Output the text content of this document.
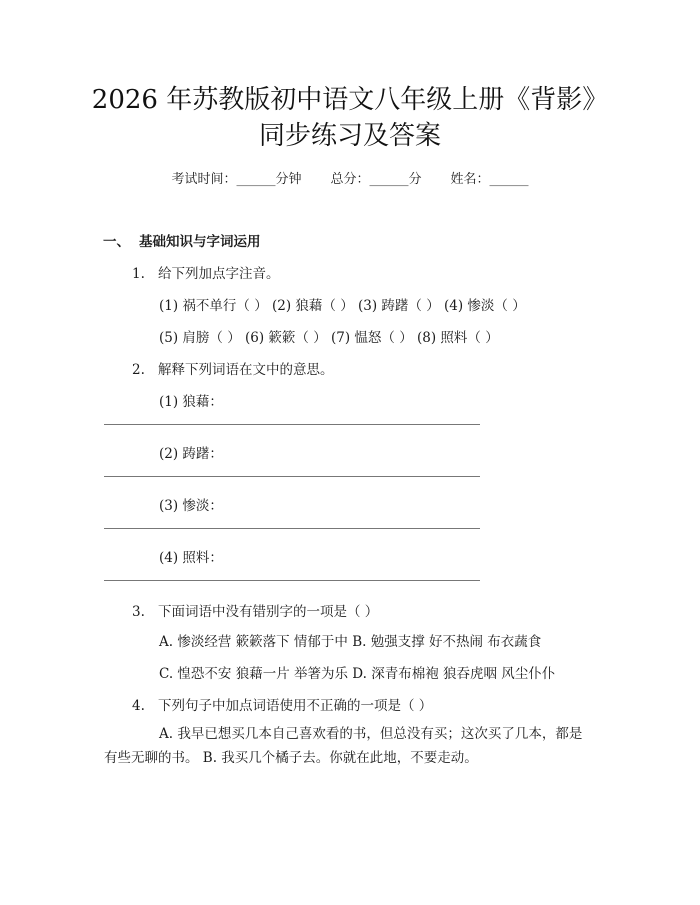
2026 年苏教版初中语文八年级上册《背影》
同步练习及答案
考试时间：______分钟 总分：______分 姓名：______
一、 基础知识与字词运用
1. 给下列加点字注音。
(1) 祸不单行（ ） (2) 狼藉（ ） (3) 踌躇（ ） (4) 惨淡（ ）
(5) 肩膀（ ） (6) 簌簌（ ） (7) 愠怒（ ） (8) 照料（ ）
2. 解释下列词语在文中的意思。
(1) 狼藉：
(2) 踌躇：
(3) 惨淡：
(4) 照料：
3. 下面词语中没有错别字的一项是（ ）
A. 惨淡经营 簌簌落下 情郁于中 B. 勉强支撑 好不热闹 布衣蔬食
C. 惶恐不安 狼藉一片 举箸为乐 D. 深青布棉袍 狼吞虎咽 风尘仆仆
4. 下列句子中加点词语使用不正确的一项是（ ）
A. 我早已想买几本自己喜欢看的书，但总没有买；这次买了几本，都是有些无聊的书。 B. 我买几个橘子去。你就在此地，不要走动。
